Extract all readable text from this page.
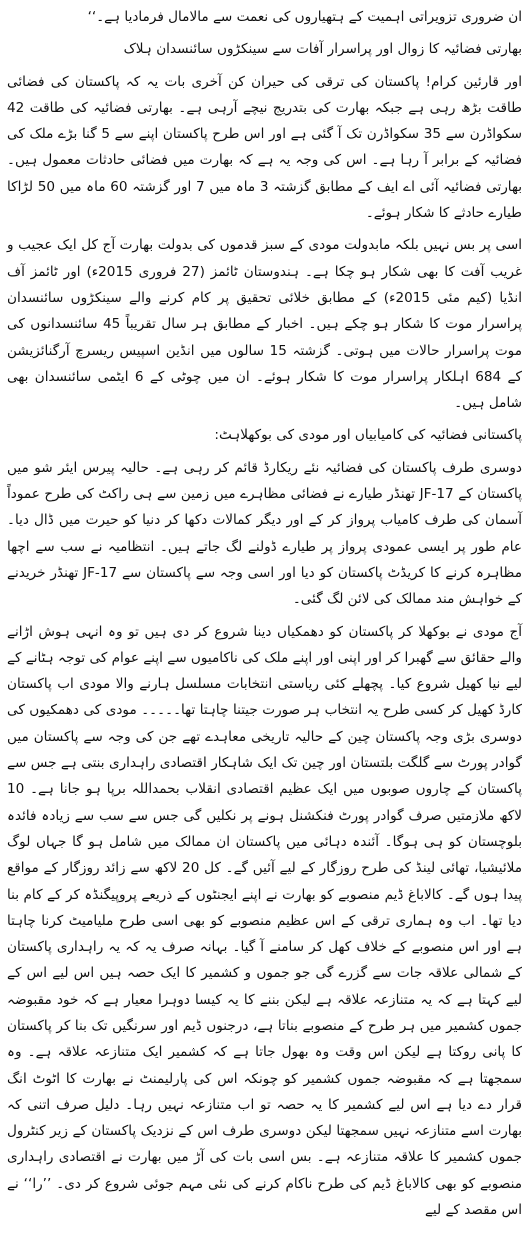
ان ضروری تزویراتی اہمیت کے ہتھیاروں کی نعمت سے مالامال فرمادیا ہے۔‘‘

بھارتی فضائیہ کا زوال اور پراسرار آفات سے سینکڑوں سائنسدان ہلاک

اور قارئین کرام! پاکستان کی ترقی کی حیران کن آخری بات یہ کہ پاکستان کی فضائی طاقت بڑھ رہی ہے جبکہ بھارت کی بتدریج نیچے آرہی ہے۔ بھارتی فضائیہ کی طاقت 42 سکواڈرن سے 35 سکواڈرن تک آ گئی ہے اور اس طرح پاکستان اپنے سے 5 گنا بڑے ملک کی فضائیہ کے برابر آ رہا ہے۔ اس کی وجہ یہ ہے کہ بھارت میں فضائی حادثات معمول ہیں۔ بھارتی فضائیہ آئی اے ایف کے مطابق گزشتہ 3 ماہ میں 7 اور گزشتہ 60 ماہ میں 50 لڑاکا طیارے حادثے کا شکار ہوئے۔

اسی پر بس نہیں بلکہ مابدولت مودی کے سبز قدموں کی بدولت بھارت آج کل ایک عجیب و غریب آفت کا بھی شکار ہو چکا ہے۔ ہندوستان ٹائمز (27 فروری 2015ء) اور ٹائمز آف انڈیا (کیم مئی 2015ء) کے مطابق خلائی تحقیق پر کام کرنے والے سینکڑوں سائنسدان پراسرار موت کا شکار ہو چکے ہیں۔ اخبار کے مطابق ہر سال تقریباً 45 سائنسدانوں کی موت پراسرار حالات میں ہوتی۔ گزشتہ 15 سالوں میں انڈین اسپیس ریسرچ آرگنائزیشن کے 684 اہلکار پراسرار موت کا شکار ہوئے۔ ان میں چوٹی کے 6 ایٹمی سائنسدان بھی شامل ہیں۔

پاکستانی فضائیہ کی کامیابیاں اور مودی کی بوکھلاہٹ:

دوسری طرف پاکستان کی فضائیہ نئے ریکارڈ قائم کر رہی ہے۔ حالیہ پیرس ایئر شو میں پاکستان کے JF-17 تھنڈر طیارے نے فضائی مظاہرے میں زمین سے ہی راکٹ کی طرح عموداً آسمان کی طرف کامیاب پرواز کر کے اور دیگر کمالات دکھا کر دنیا کو حیرت میں ڈال دیا۔ عام طور پر ایسی عمودی پرواز پر طیارے ڈولنے لگ جاتے ہیں۔ انتظامیہ نے سب سے اچھا مظاہرہ کرنے کا کریڈٹ پاکستان کو دیا اور اسی وجہ سے پاکستان سے JF-17 تھنڈر خریدنے کے خواہش مند ممالک کی لائن لگ گئی۔

آج مودی نے بوکھلا کر پاکستان کو دھمکیاں دینا شروع کر دی ہیں تو وہ انہی ہوش اڑانے والے حقائق سے گھبرا کر اور اپنی اور اپنے ملک کی ناکامیوں سے اپنے عوام کی توجہ ہٹانے کے لیے نیا کھیل شروع کیا۔ پچھلے کئی ریاستی انتخابات مسلسل ہارنے والا مودی اب پاکستان کارڈ کھیل کر کسی طرح یہ انتخاب ہر صورت جیتنا چاہتا تھا۔۔۔۔۔ مودی کی دھمکیوں کی دوسری بڑی وجہ پاکستان چین کے حالیہ تاریخی معاہدے تھے جن کی وجہ سے پاکستان میں گوادر پورٹ سے گلگت بلتستان اور چین تک ایک شاہکار اقتصادی راہداری بنتی ہے جس سے پاکستان کے چاروں صوبوں میں ایک عظیم اقتصادی انقلاب بحمداللہ برپا ہو جانا ہے۔ 10 لاکھ ملازمتیں صرف گوادر پورٹ فنکشنل ہونے پر نکلیں گی جس سے سب سے زیادہ فائدہ بلوچستان کو ہی ہوگا۔ آئندہ دہائی میں پاکستان ان ممالک میں شامل ہو گا جہاں لوگ ملائیشیا، تھائی لینڈ کی طرح روزگار کے لیے آئیں گے۔ کل 20 لاکھ سے زائد روزگار کے مواقع پیدا ہوں گے۔ کالاباغ ڈیم منصوبے کو بھارت نے اپنے ایجنٹوں کے ذریعے پروپیگنڈہ کر کے کام بنا دیا تھا۔ اب وہ ہماری ترقی کے اس عظیم منصوبے کو بھی اسی طرح ملیامیٹ کرنا چاہتا ہے اور اس منصوبے کے خلاف کھل کر سامنے آ گیا۔ بہانہ صرف یہ کہ یہ راہداری پاکستان کے شمالی علاقہ جات سے گزرے گی جو جموں و کشمیر کا ایک حصہ ہیں اس لیے اس کے لیے کہتا ہے کہ یہ متنازعہ علاقہ ہے لیکن بننے کا یہ کیسا دوہرا معیار ہے کہ خود مقبوضہ جموں کشمیر میں ہر طرح کے منصوبے بناتا ہے، درجنوں ڈیم اور سرنگیں تک بنا کر پاکستان کا پانی روکتا ہے لیکن اس وقت وہ بھول جاتا ہے کہ کشمیر ایک متنازعہ علاقہ ہے۔ وہ سمجھتا ہے کہ مقبوضہ جموں کشمیر کو چونکہ اس کی پارلیمنٹ نے بھارت کا اٹوٹ انگ قرار دے دیا ہے اس لیے کشمیر کا یہ حصہ تو اب متنازعہ نہیں رہا۔ دلیل صرف اتنی کہ بھارت اسے متنازعہ نہیں سمجھتا لیکن دوسری طرف اس کے نزدیک پاکستان کے زیر کنٹرول جموں کشمیر کا علاقہ متنازعہ ہے۔ بس اسی بات کی آڑ میں بھارت نے اقتصادی راہداری منصوبے کو بھی کالاباغ ڈیم کی طرح ناکام کرنے کی نئی مہم جوئی شروع کر دی۔ ’’را‘‘ نے اس مقصد کے لیے
